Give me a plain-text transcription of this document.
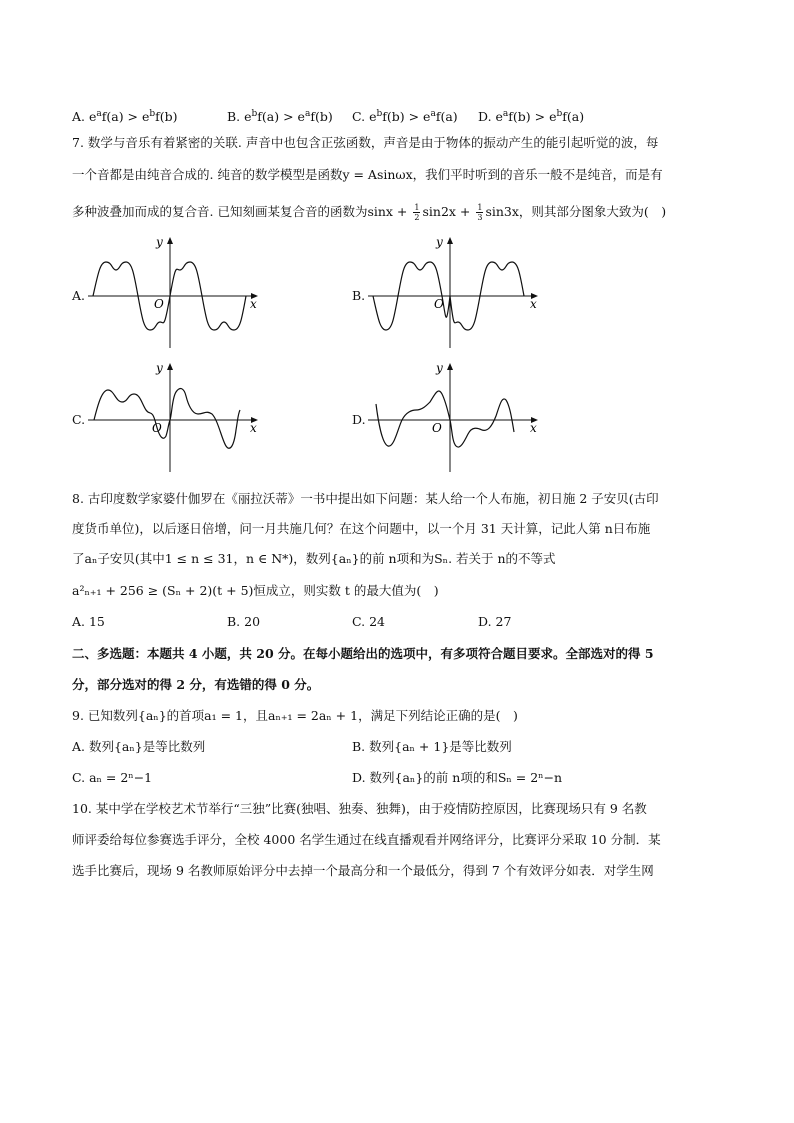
A. $e^af(a) > e^bf(b)$	B. $e^bf(a) > e^af(b)$ C. $e^bf(b) > e^af(a)$ D. $e^af(b) > e^bf(a)$
7. 数学与音乐有着紧密的关联. 声音中也包含正弦函数，声音是由于物体的振动产生的能引起听觉的波，每
一个音都是由纯音合成的. 纯音的数学模型是函数y = Asinωx，我们平时听到的音乐一般不是纯音，而是有
多种波叠加而成的复合音. 已知刻画某复合音的函数为$\sin x + \frac{1}{2} \sin 2x + \frac{1}{3} \sin 3x$，则其部分图象大致为(　)
A.	B.
C.	D.
y
x
O
y
x
O
y
x
O
y
x
O
8. 古印度数学家婆什伽罗在《丽拉沃蒂》一书中提出如下问题：某人给一个人布施，初日施 2 子安贝(古印
度货币单位)，以后逐日倍增，问一月共施几何？在这个问题中，以一个月 31 天计算，记此人第 n日布施
了aₙ子安贝(其中1 ≤ n ≤ 31，n ∈ N*)，数列{aₙ}的前 n项和为Sₙ. 若关于 n的不等式
a²ₙ₊₁ + 256 ≥ (Sₙ + 2)(t + 5)恒成立，则实数 t 的最大值为(　)
A. 15	B. 20	C. 24	D. 27
二、多选题：本题共 4 小题，共 20 分。在每小题给出的选项中，有多项符合题目要求。全部选对的得 5
分，部分选对的得 2 分，有选错的得 0 分。
9. 已知数列{aₙ}的首项a₁ = 1，且aₙ₊₁ = 2aₙ + 1，满足下列结论正确的是(　)
A. 数列{aₙ}是等比数列	B. 数列{aₙ + 1}是等比数列
C. aₙ = 2ⁿ−1	D. 数列{aₙ}的前 n项的和Sₙ = 2ⁿ−n
10. 某中学在学校艺术节举行“三独”比赛(独唱、独奏、独舞)，由于疫情防控原因，比赛现场只有 9 名教
师评委给每位参赛选手评分，全校 4000 名学生通过在线直播观看并网络评分，比赛评分采取 10 分制．某
选手比赛后，现场 9 名教师原始评分中去掉一个最高分和一个最低分，得到 7 个有效评分如表．对学生网
